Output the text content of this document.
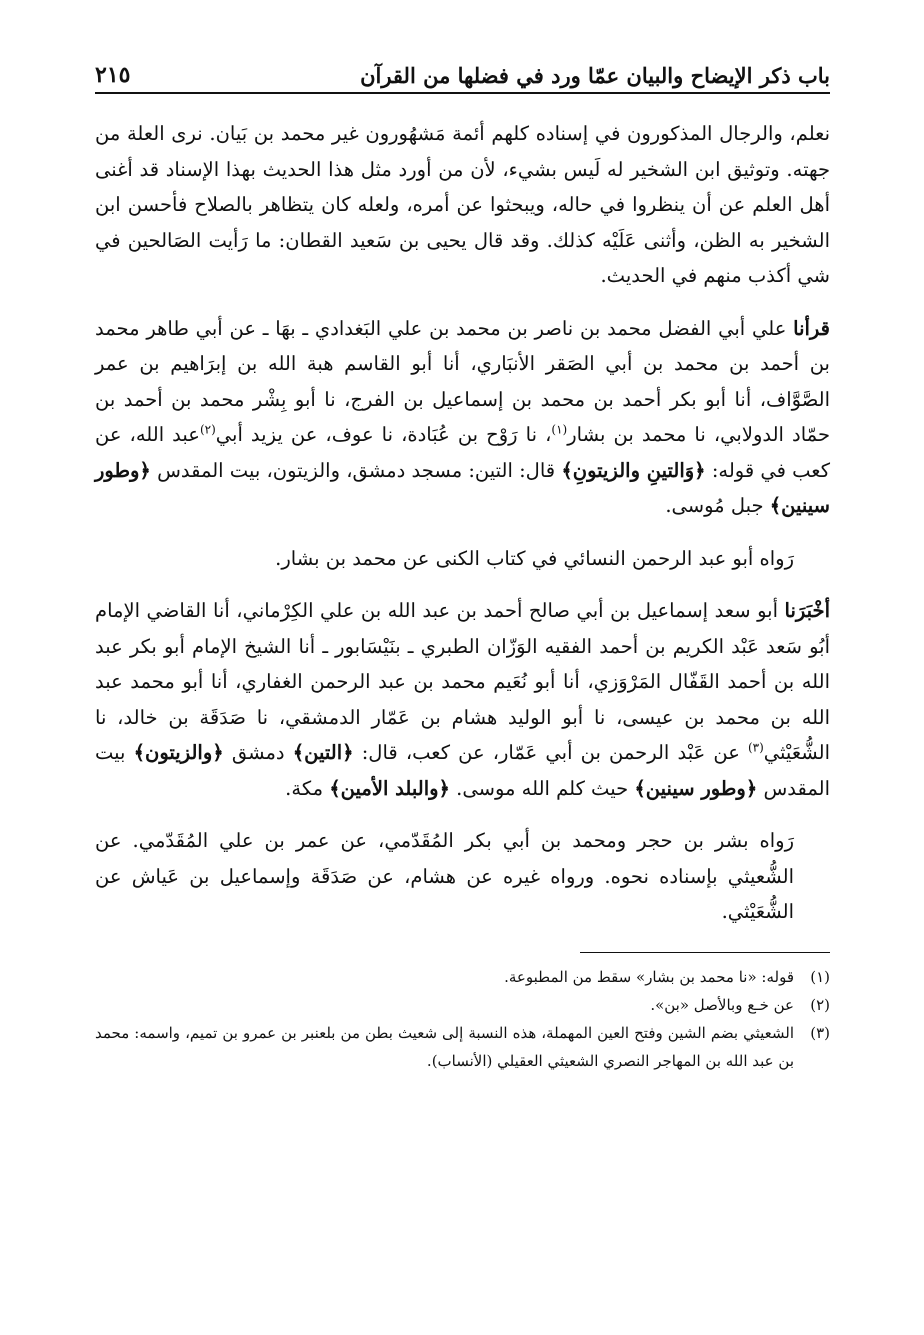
باب ذكر الإيضاح والبيان عمّا ورد في فضلها من القرآن
٢١٥

نعلم، والرجال المذكورون في إسناده كلهم أئمة مَشهُورون غير محمد بن بَيان. نرى العلة من جهته. وتوثيق ابن الشخير له لَيس بشيء، لأن من أورد مثل هذا الحديث بهذا الإسناد قد أغنى أهل العلم عن أن ينظروا في حاله، ويبحثوا عن أمره، ولعله كان يتظاهر بالصلاح فأحسن ابن الشخير به الظن، وأثنى عَلَيْه كذلك. وقد قال يحيى بن سَعيد القطان: ما رَأيت الصَالحين في شي أكذب منهم في الحديث.

قرأنا علي أبي الفضل محمد بن ناصر بن محمد بن علي البَغدادي ـ بهَا ـ عن أبي طاهر محمد بن أحمد بن محمد بن أبي الصَقر الأنبَاري، أنا أبو القاسم هبة الله بن إبرَاهيم بن عمر الصَّوَّاف، أنا أبو بكر أحمد بن محمد بن إسماعيل بن الفرج، نا أبو بِشْر محمد بن أحمد بن حمّاد الدولابي، نا محمد بن بشار$^{(١)}$، نا رَوْح بن عُبَادة، نا عوف، عن يزيد أبي$^{(٢)}$عبد الله، عن كعب في قوله: ﴿وَالتينِ والزيتونِ﴾ قال: التين: مسجد دمشق، والزيتون، بيت المقدس ﴿وطور سينين﴾ جبل مُوسى.

رَواه أبو عبد الرحمن النسائي في كتاب الكنى عن محمد بن بشار.

أخْبَرَنا أبو سعد إسماعيل بن أبي صالح أحمد بن عبد الله بن علي الكِرْماني، أنا القاضي الإمام أبُو سَعد عَبْد الكريم بن أحمد الفقيه الوَزّان الطبري ـ بنَيْسَابور ـ أنا الشيخ الإمام أبو بكر عبد الله بن أحمد القَفّال المَرْوَزي، أنا أبو نُعَيم محمد بن عبد الرحمن الغفاري، أنا أبو محمد عبد الله بن محمد بن عيسى، نا أبو الوليد هشام بن عَمّار الدمشقي، نا صَدَقَة بن خالد، نا الشُّعَيْثي$^{(٣)}$ عن عَبْد الرحمن بن أبي عَمّار، عن كعب، قال: ﴿التين﴾ دمشق ﴿والزيتون﴾ بيت المقدس ﴿وطور سينين﴾ حيث كلم الله موسى. ﴿والبلد الأمين﴾ مكة.

رَواه بشر بن حجر ومحمد بن أبي بكر المُقَدّمي، عن عمر بن علي المُقَدّمي. عن الشُّعيثي بإسناده نحوه. ورواه غيره عن هشام، عن صَدَقَة وإسماعيل بن عَياش عن الشُّعَيْثي.

(١)
قوله: «نا محمد بن بشار» سقط من المطبوعة.
(٢)
عن خـع وبالأصل «بن».
(٣)
الشعيثي بضم الشين وفتح العين المهملة، هذه النسبة إلى شعيث بطن من بلعنبر بن عمرو بن تميم، واسمه: محمد بن عبد الله بن المهاجر النصري الشعيثي العقيلي (الأنساب).
